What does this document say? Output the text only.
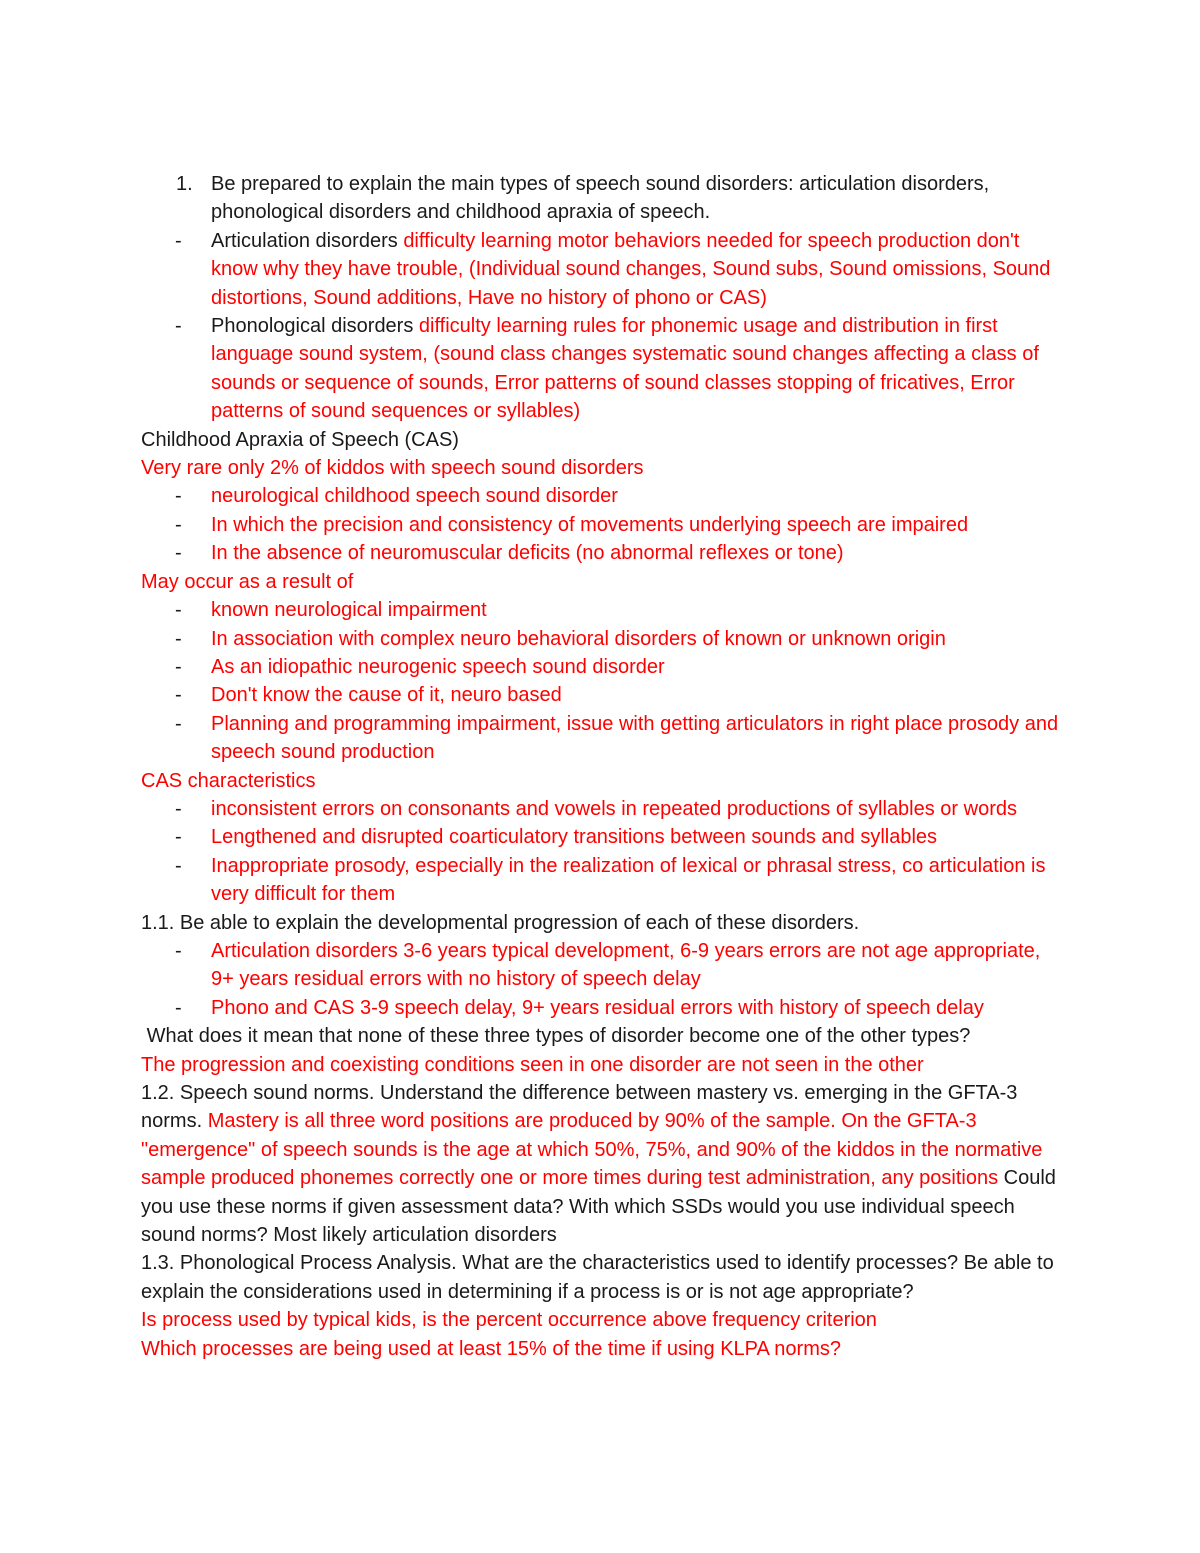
1. Be prepared to explain the main types of speech sound disorders: articulation disorders, phonological disorders and childhood apraxia of speech.

- Articulation disorders difficulty learning motor behaviors needed for speech production don't know why they have trouble, (Individual sound changes, Sound subs, Sound omissions, Sound distortions, Sound additions, Have no history of phono or CAS)

- Phonological disorders difficulty learning rules for phonemic usage and distribution in first language sound system, (sound class changes systematic sound changes affecting a class of sounds or sequence of sounds, Error patterns of sound classes stopping of fricatives, Error patterns of sound sequences or syllables)

Childhood Apraxia of Speech (CAS)

Very rare only 2% of kiddos with speech sound disorders

- neurological childhood speech sound disorder

- In which the precision and consistency of movements underlying speech are impaired

- In the absence of neuromuscular deficits (no abnormal reflexes or tone)

May occur as a result of

- known neurological impairment

- In association with complex neuro behavioral disorders of known or unknown origin

- As an idiopathic neurogenic speech sound disorder

- Don't know the cause of it, neuro based

- Planning and programming impairment, issue with getting articulators in right place prosody and speech sound production

CAS characteristics

- inconsistent errors on consonants and vowels in repeated productions of syllables or words

- Lengthened and disrupted coarticulatory transitions between sounds and syllables

- Inappropriate prosody, especially in the realization of lexical or phrasal stress, co articulation is very difficult for them

1.1. Be able to explain the developmental progression of each of these disorders.

- Articulation disorders 3-6 years typical development, 6-9 years errors are not age appropriate, 9+ years residual errors with no history of speech delay

- Phono and CAS 3-9 speech delay, 9+ years residual errors with history of speech delay

What does it mean that none of these three types of disorder become one of the other types?

The progression and coexisting conditions seen in one disorder are not seen in the other

1.2. Speech sound norms. Understand the difference between mastery vs. emerging in the GFTA-3 norms. Mastery is all three word positions are produced by 90% of the sample. On the GFTA-3 "emergence" of speech sounds is the age at which 50%, 75%, and 90% of the kiddos in the normative sample produced phonemes correctly one or more times during test administration, any positions Could you use these norms if given assessment data? With which SSDs would you use individual speech sound norms? Most likely articulation disorders

1.3. Phonological Process Analysis. What are the characteristics used to identify processes? Be able to explain the considerations used in determining if a process is or is not age appropriate?

Is process used by typical kids, is the percent occurrence above frequency criterion

Which processes are being used at least 15% of the time if using KLPA norms?
